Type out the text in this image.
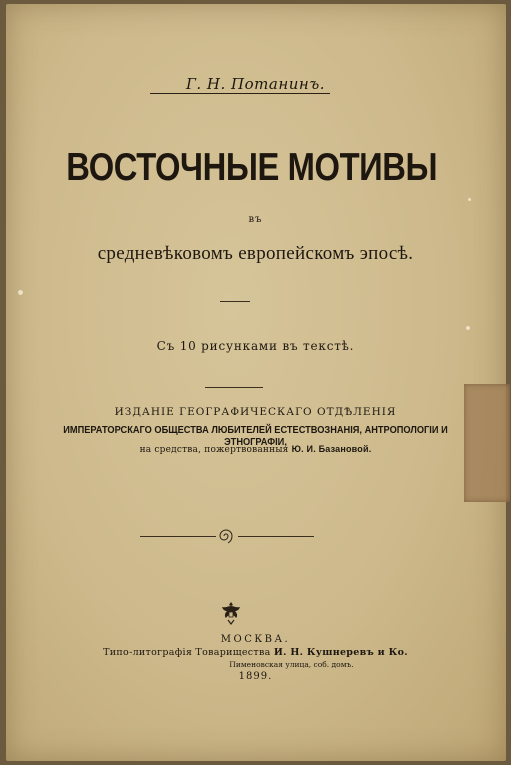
Г. Н. Потанинъ.
ВОСТОЧНЫЕ МОТИВЫ
въ
средневѣковомъ европейскомъ эпосѣ.
Съ 10 рисунками въ текстѣ.
ИЗДАНІЕ ГЕОГРАФИЧЕСКАГО ОТДѢЛЕНІЯ
ИМПЕРАТОРСКАГО ОБЩЕСТВА ЛЮБИТЕЛЕЙ ЕСТЕСТВОЗНАНІЯ, АНТРОПОЛОГІИ И ЭТНОГРАФІИ,
на средства, пожертвованныя Ю. И. Базановой.
МОСКВА.
Типо-литографія Товарищества И. Н. Кушнеревъ и Ко.
Пименовская улица, соб. домъ.
1899.
